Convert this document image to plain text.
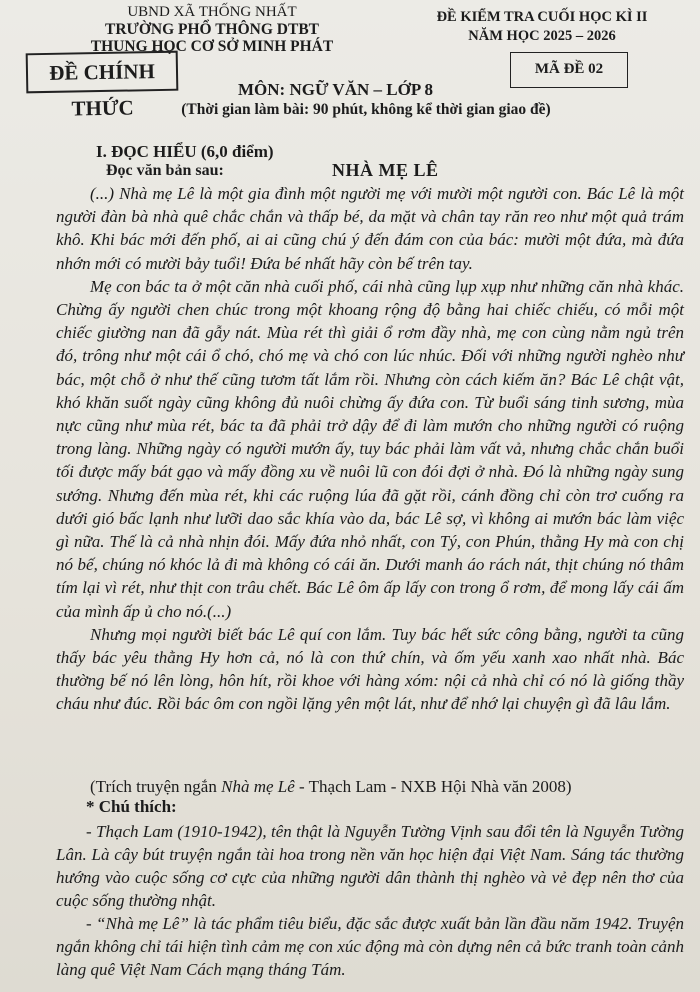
UBND XÃ THỐNG NHẤT
TRƯỜNG PHỔ THÔNG DTBT
THUNG HỌC CƠ SỞ MINH PHÁT
ĐỀ KIỂM TRA CUỐI HỌC KÌ II
NĂM HỌC 2025 – 2026
ĐỀ CHÍNH THỨC
MÃ ĐỀ 02
MÔN: NGỮ VĂN – LỚP 8
(Thời gian làm bài: 90 phút, không kể thời gian giao đề)
I. ĐỌC HIỂU (6,0 điểm)
Đọc văn bản sau:	NHÀ MẸ LÊ

(...) Nhà mẹ Lê là một gia đình một người mẹ với mười một người con. Bác Lê là một người đàn bà nhà quê chắc chắn và thấp bé, da mặt và chân tay răn reo như một quả trám khô. Khi bác mới đến phố, ai ai cũng chú ý đến đám con của bác: mười một đứa, mà đứa nhớn mới có mười bảy tuổi! Đứa bé nhất hãy còn bế trên tay.

Mẹ con bác ta ở một căn nhà cuối phố, cái nhà cũng lụp xụp như những căn nhà khác. Chừng ấy người chen chúc trong một khoang rộng độ bằng hai chiếc chiếu, có mỗi một chiếc giường nan đã gẫy nát. Mùa rét thì giải ổ rơm đầy nhà, mẹ con cùng nằm ngủ trên đó, trông như một cái ổ chó, chó mẹ và chó con lúc nhúc. Đối với những người nghèo như bác, một chỗ ở như thế cũng tươm tất lắm rồi. Nhưng còn cách kiếm ăn? Bác Lê chật vật, khó khăn suốt ngày cũng không đủ nuôi chừng ấy đứa con. Từ buổi sáng tinh sương, mùa nực cũng như mùa rét, bác ta đã phải trở dậy để đi làm mướn cho những người có ruộng trong làng. Những ngày có người mướn ấy, tuy bác phải làm vất vả, nhưng chắc chắn buổi tối được mấy bát gạo và mấy đồng xu về nuôi lũ con đói đợi ở nhà. Đó là những ngày sung sướng. Nhưng đến mùa rét, khi các ruộng lúa đã gặt rồi, cánh đồng chỉ còn trơ cuống ra dưới gió bấc lạnh như lưỡi dao sắc khía vào da, bác Lê sợ, vì không ai mướn bác làm việc gì nữa. Thế là cả nhà nhịn đói. Mấy đứa nhỏ nhất, con Tý, con Phún, thằng Hy mà con chị nó bế, chúng nó khóc lả đi mà không có cái ăn. Dưới manh áo rách nát, thịt chúng nó thâm tím lại vì rét, như thịt con trâu chết. Bác Lê ôm ấp lấy con trong ổ rơm, để mong lấy cái ấm của mình ấp ủ cho nó.(...)

Nhưng mọi người biết bác Lê quí con lắm. Tuy bác hết sức công bằng, người ta cũng thấy bác yêu thằng Hy hơn cả, nó là con thứ chín, và ốm yếu xanh xao nhất nhà. Bác thường bế nó lên lòng, hôn hít, rồi khoe với hàng xóm: nội cả nhà chỉ có nó là giống thầy cháu như đúc. Rồi bác ôm con ngồi lặng yên một lát, như để nhớ lại chuyện gì đã lâu lắm.

(Trích truyện ngắn Nhà mẹ Lê - Thạch Lam - NXB Hội Nhà văn 2008)
* Chú thích:

- Thạch Lam (1910-1942), tên thật là Nguyễn Tường Vịnh sau đổi tên là Nguyễn Tường Lân. Là cây bút truyện ngắn tài hoa trong nền văn học hiện đại Việt Nam. Sáng tác thường hướng vào cuộc sống cơ cực của những người dân thành thị nghèo và vẻ đẹp nên thơ của cuộc sống thường nhật.

- “Nhà mẹ Lê” là tác phẩm tiêu biểu, đặc sắc được xuất bản lần đầu năm 1942. Truyện ngắn không chỉ tái hiện tình cảm mẹ con xúc động mà còn dựng nên cả bức tranh toàn cảnh làng quê Việt Nam Cách mạng tháng Tám.
